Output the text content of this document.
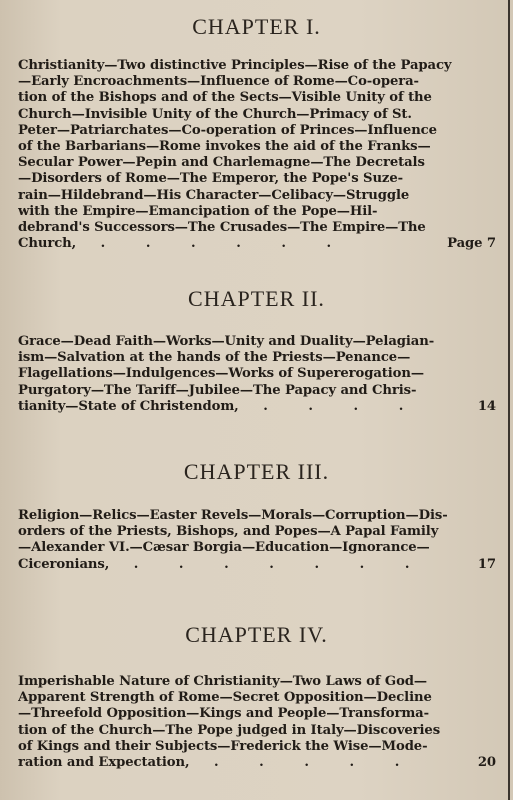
CHAPTER I.
Christianity—Two distinctive Principles—Rise of the Papacy
—Early Encroachments—Influence of Rome—Co-opera-
tion of the Bishops and of the Sects—Visible Unity of the
Church—Invisible Unity of the Church—Primacy of St.
Peter—Patriarchates—Co-operation of Princes—Influence
of the Barbarians—Rome invokes the aid of the Franks—
Secular Power—Pepin and Charlemagne—The Decretals
—Disorders of Rome—The Emperor, the Pope's Suze-
rain—Hildebrand—His Character—Celibacy—Struggle
with the Empire—Emancipation of the Pope—Hil-
debrand's Successors—The Crusades—The Empire—The
Church, . . . . . .	Page 7
CHAPTER II.
Grace—Dead Faith—Works—Unity and Duality—Pelagian-
ism—Salvation at the hands of the Priests—Penance—
Flagellations—Indulgences—Works of Supererogation—
Purgatory—The Tariff—Jubilee—The Papacy and Chris-
tianity—State of Christendom, . . . .	14
CHAPTER III.
Religion—Relics—Easter Revels—Morals—Corruption—Dis-
orders of the Priests, Bishops, and Popes—A Papal Family
—Alexander VI.—Cæsar Borgia—Education—Ignorance—
Ciceronians, . . . . . . .	17
CHAPTER IV.
Imperishable Nature of Christianity—Two Laws of God—
Apparent Strength of Rome—Secret Opposition—Decline
—Threefold Opposition—Kings and People—Transforma-
tion of the Church—The Pope judged in Italy—Discoveries
of Kings and their Subjects—Frederick the Wise—Mode-
ration and Expectation, . . . . .	20
